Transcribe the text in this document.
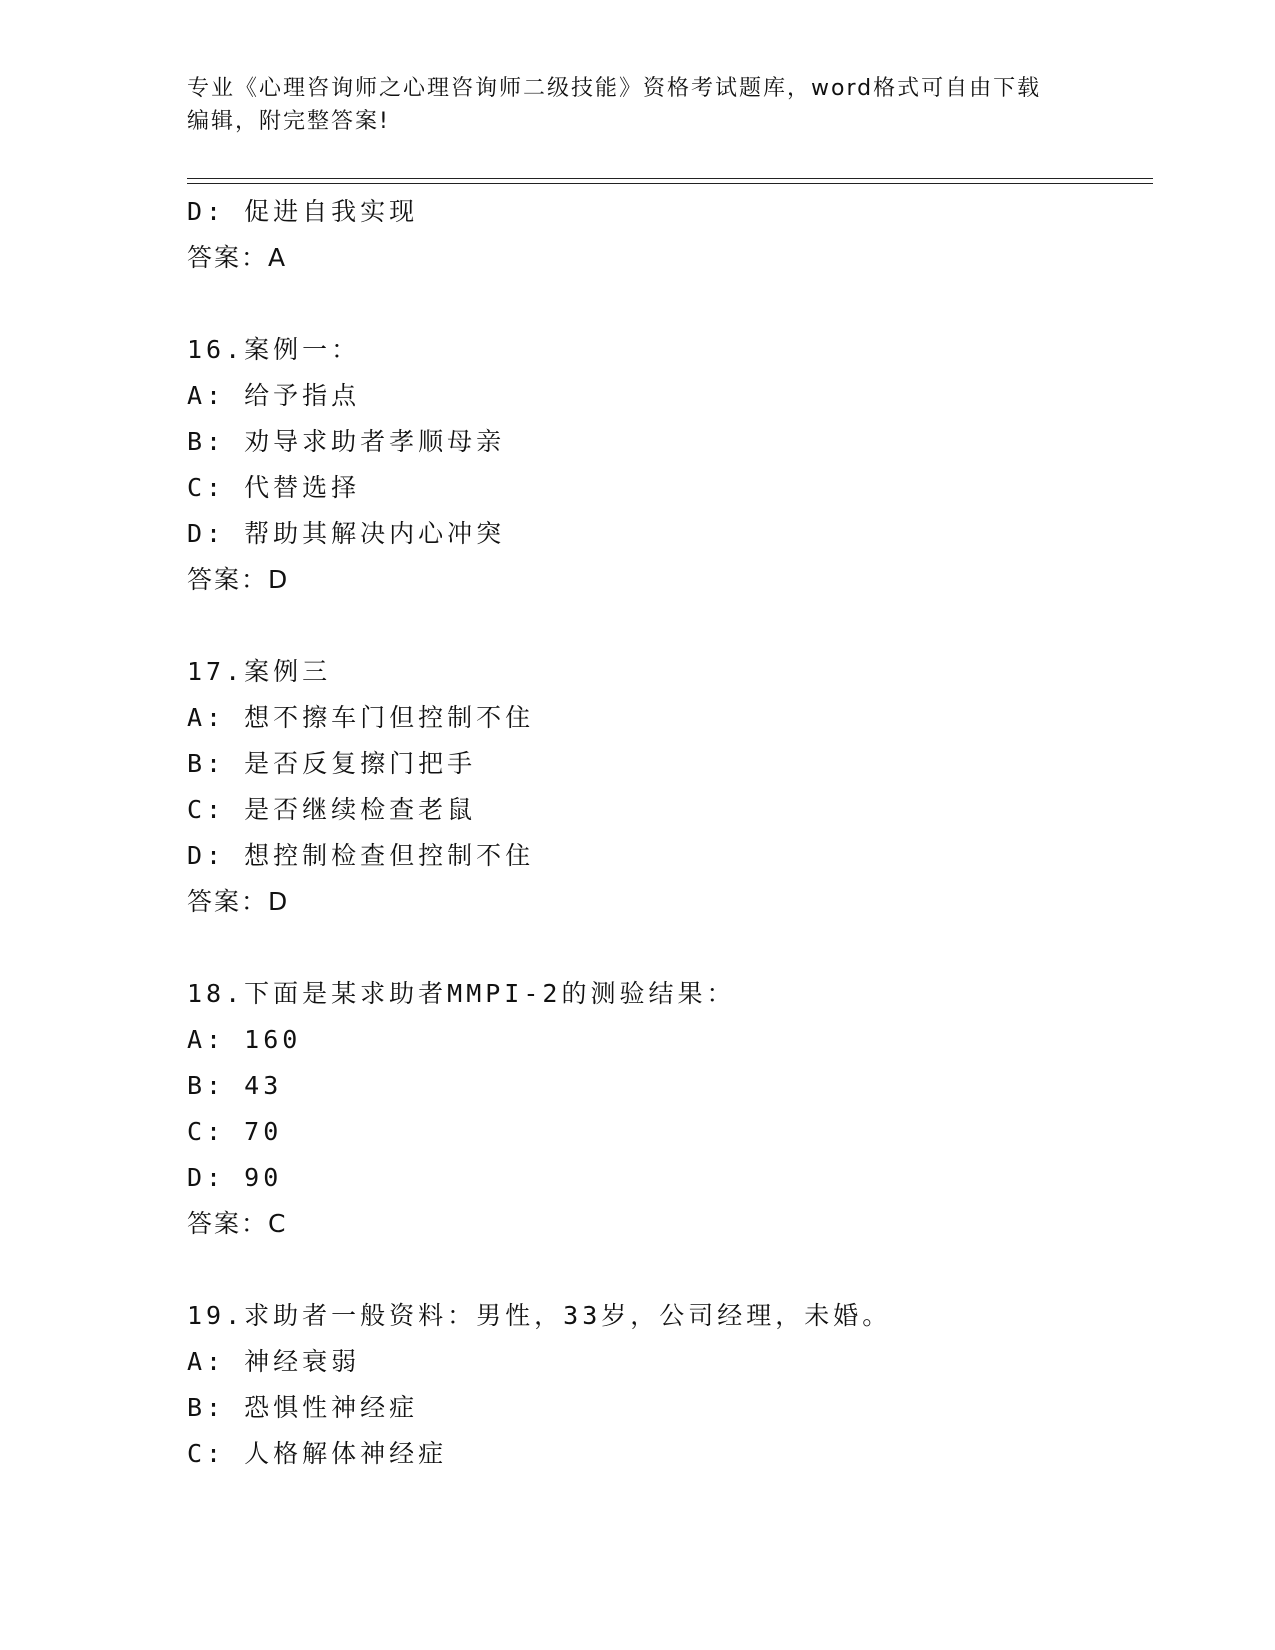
专业《心理咨询师之心理咨询师二级技能》资格考试题库，word格式可自由下载
编辑，附完整答案!
D: 促进自我实现
答案：A
16.案例一：
A: 给予指点
B: 劝导求助者孝顺母亲
C: 代替选择
D: 帮助其解决内心冲突
答案：D
17.案例三
A: 想不擦车门但控制不住
B: 是否反复擦门把手
C: 是否继续检查老鼠
D: 想控制检查但控制不住
答案：D
18.下面是某求助者MMPI-2的测验结果：
A: 160
B: 43
C: 70
D: 90
答案：C
19.求助者一般资料：男性，33岁，公司经理，未婚。
A: 神经衰弱
B: 恐惧性神经症
C: 人格解体神经症
